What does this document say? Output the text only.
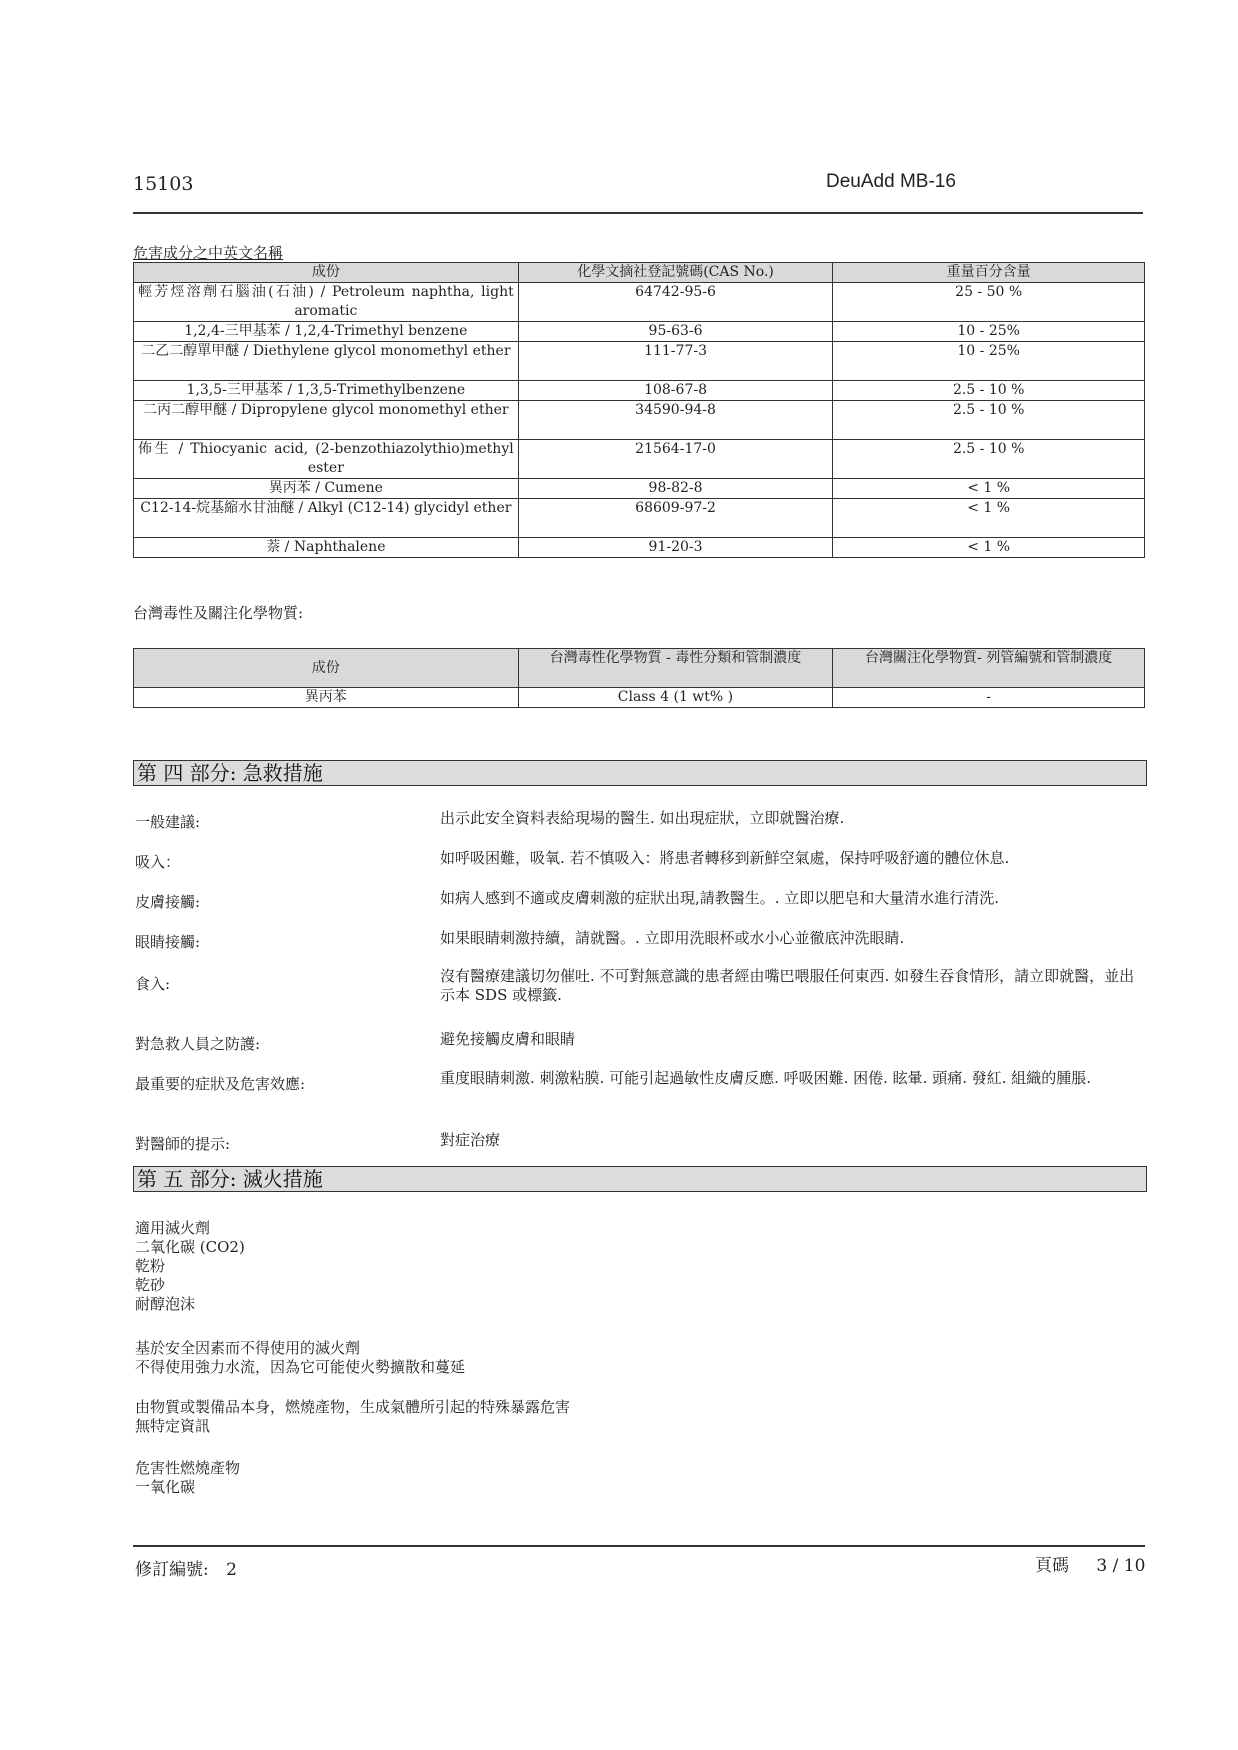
15103	DeuAdd MB-16
危害成分之中英文名稱
成份	化學文摘社登記號碼(CAS No.)	重量百分含量
輕芳烴溶劑石腦油(石油) / Petroleum naphtha, light aromatic	64742-95-6	25 - 50 %
1,2,4-三甲基苯 / 1,2,4-Trimethyl benzene	95-63-6	10 - 25%
二乙二醇單甲醚 / Diethylene glycol monomethyl ether	111-77-3	10 - 25%
1,3,5-三甲基苯 / 1,3,5-Trimethylbenzene	108-67-8	2.5 - 10 %
二丙二醇甲醚 / Dipropylene glycol monomethyl ether	34590-94-8	2.5 - 10 %
佈生 / Thiocyanic acid, (2-benzothiazolythio)methyl ester	21564-17-0	2.5 - 10 %
異丙苯 / Cumene	98-82-8	< 1 %
C12-14-烷基縮水甘油醚 / Alkyl (C12-14) glycidyl ether	68609-97-2	< 1 %
萘 / Naphthalene	91-20-3	< 1 %
台灣毒性及關注化學物質:
成份	台灣毒性化學物質 - 毒性分類和管制濃度	台灣關注化學物質- 列管編號和管制濃度
異丙苯	Class 4 (1 wt% )	-
第 四 部分: 急救措施
一般建議:	出示此安全資料表給現場的醫生. 如出現症狀，立即就醫治療.
吸入：	如呼吸困難，吸氧. 若不慎吸入：將患者轉移到新鮮空氣處，保持呼吸舒適的體位休息.
皮膚接觸:	如病人感到不適或皮膚刺激的症狀出現,請教醫生。. 立即以肥皂和大量清水進行清洗.
眼睛接觸:	如果眼睛刺激持續，請就醫。. 立即用洗眼杯或水小心並徹底沖洗眼睛.
食入:	沒有醫療建議切勿催吐. 不可對無意識的患者經由嘴巴喂服任何東西. 如發生吞食情形，請立即就醫，並出示本 SDS 或標籤.
對急救人員之防護:	避免接觸皮膚和眼睛
最重要的症狀及危害效應:	重度眼睛刺激. 刺激粘膜. 可能引起過敏性皮膚反應. 呼吸困難. 困倦. 眩暈. 頭痛. 發紅. 組織的腫脹.
對醫師的提示:	對症治療
第 五 部分: 滅火措施
適用滅火劑
二氧化碳 (CO2)
乾粉
乾砂
耐醇泡沫
基於安全因素而不得使用的滅火劑
不得使用強力水流，因為它可能使火勢擴散和蔓延
由物質或製備品本身，燃燒產物，生成氣體所引起的特殊暴露危害
無特定資訊
危害性燃燒產物
一氧化碳
修訂編號: 2	頁碼 3 / 10
